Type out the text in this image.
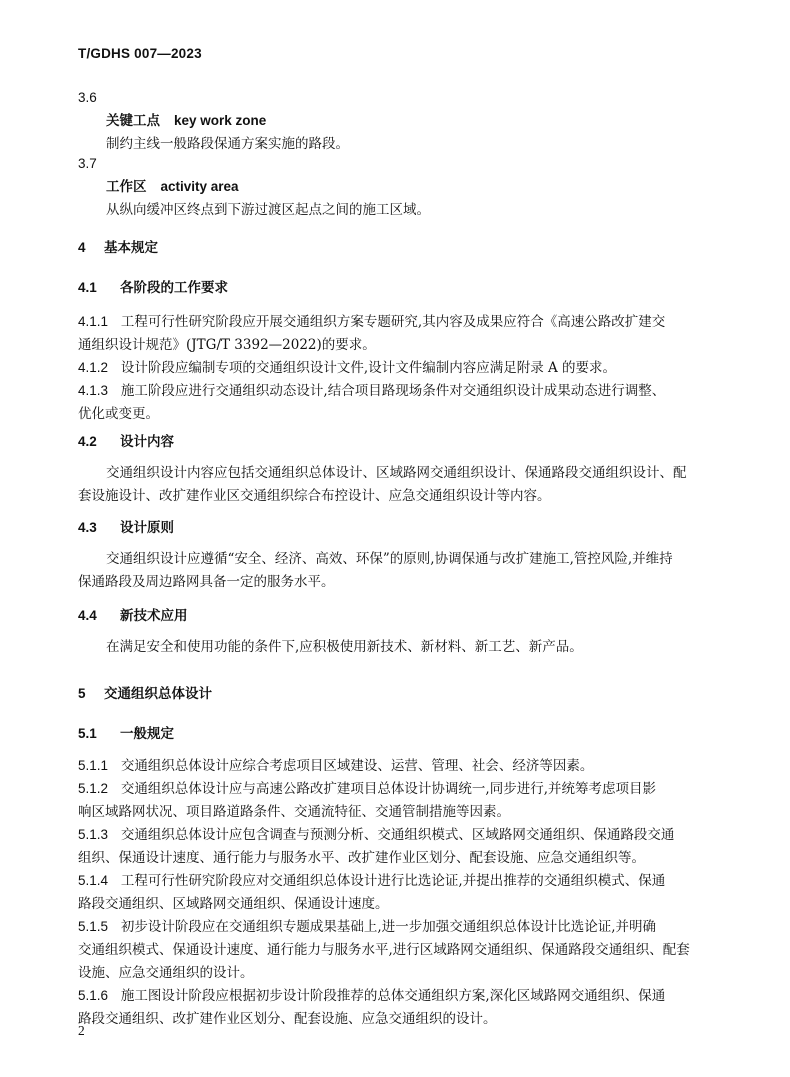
T/GDHS 007—2023
3.6
关键工点 key work zone
制约主线一般路段保通方案实施的路段。
3.7
工作区 activity area
从纵向缓冲区终点到下游过渡区起点之间的施工区域。
4 基本规定
4.1 各阶段的工作要求
4.1.1 工程可行性研究阶段应开展交通组织方案专题研究,其内容及成果应符合《高速公路改扩建交
通组织设计规范》(JTG/T 3392—2022)的要求。
4.1.2 设计阶段应编制专项的交通组织设计文件,设计文件编制内容应满足附录 A 的要求。
4.1.3 施工阶段应进行交通组织动态设计,结合项目路现场条件对交通组织设计成果动态进行调整、
优化或变更。
4.2 设计内容
交通组织设计内容应包括交通组织总体设计、区域路网交通组织设计、保通路段交通组织设计、配
套设施设计、改扩建作业区交通组织综合布控设计、应急交通组织设计等内容。
4.3 设计原则
交通组织设计应遵循“安全、经济、高效、环保”的原则,协调保通与改扩建施工,管控风险,并维持
保通路段及周边路网具备一定的服务水平。
4.4 新技术应用
在满足安全和使用功能的条件下,应积极使用新技术、新材料、新工艺、新产品。
5 交通组织总体设计
5.1 一般规定
5.1.1 交通组织总体设计应综合考虑项目区域建设、运营、管理、社会、经济等因素。
5.1.2 交通组织总体设计应与高速公路改扩建项目总体设计协调统一,同步进行,并统筹考虑项目影
响区域路网状况、项目路道路条件、交通流特征、交通管制措施等因素。
5.1.3 交通组织总体设计应包含调查与预测分析、交通组织模式、区域路网交通组织、保通路段交通
组织、保通设计速度、通行能力与服务水平、改扩建作业区划分、配套设施、应急交通组织等。
5.1.4 工程可行性研究阶段应对交通组织总体设计进行比选论证,并提出推荐的交通组织模式、保通
路段交通组织、区域路网交通组织、保通设计速度。
5.1.5 初步设计阶段应在交通组织专题成果基础上,进一步加强交通组织总体设计比选论证,并明确
交通组织模式、保通设计速度、通行能力与服务水平,进行区域路网交通组织、保通路段交通组织、配套
设施、应急交通组织的设计。
5.1.6 施工图设计阶段应根据初步设计阶段推荐的总体交通组织方案,深化区域路网交通组织、保通
路段交通组织、改扩建作业区划分、配套设施、应急交通组织的设计。
2
